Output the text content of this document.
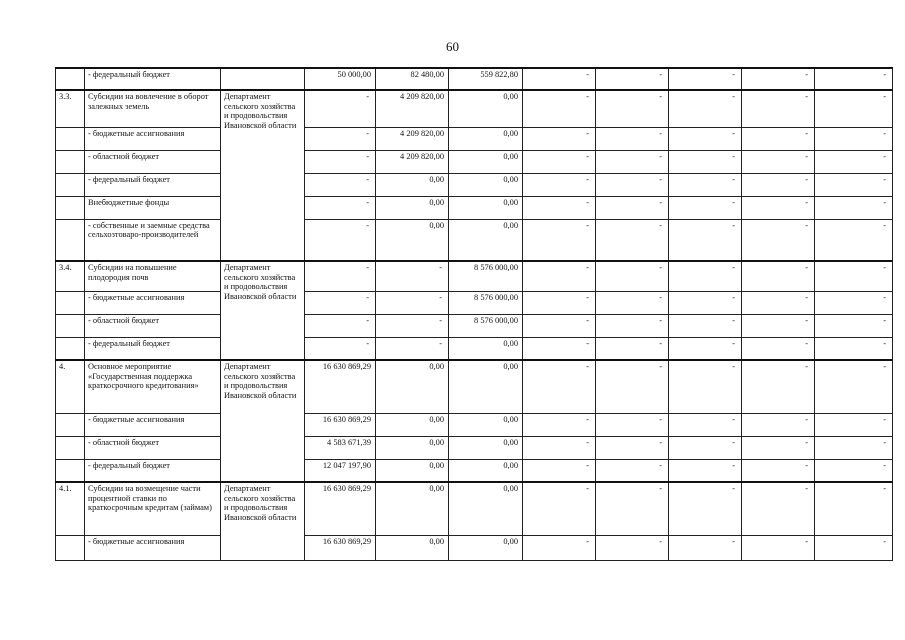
60
	- федеральный бюджет		50 000,00	82 480,00	559 822,80	-	-	-	-	-
3.3.	Субсидии на вовлечение в оборот залежных земель	Департамент сельского хозяйства и продовольствия Ивановской области	-	4 209 820,00	0,00	-	-	-	-	-
	- бюджетные ассигнования		-	4 209 820,00	0,00	-	-	-	-	-
	- областной бюджет		-	4 209 820,00	0,00	-	-	-	-	-
	- федеральный бюджет		-	0,00	0,00	-	-	-	-	-
	Внебюджетные фонды		-	0,00	0,00	-	-	-	-	-
	- собственные и заемные средства сельхозтоваро-производителей		-	0,00	0,00	-	-	-	-	-
3.4.	Субсидии на повышение плодородия почв	Департамент сельского хозяйства и продовольствия Ивановской области	-	-	8 576 000,00	-	-	-	-	-
	- бюджетные ассигнования		-	-	8 576 000,00	-	-	-	-	-
	- областной бюджет		-	-	8 576 000,00	-	-	-	-	-
	- федеральный бюджет		-	-	0,00	-	-	-	-	-
4.	Основное мероприятие «Государственная поддержка краткосрочного кредитования»	Департамент сельского хозяйства и продовольствия Ивановской области	16 630 869,29	0,00	0,00	-	-	-	-	-
	- бюджетные ассигнования		16 630 869,29	0,00	0,00	-	-	-	-	-
	- областной бюджет		4 583 671,39	0,00	0,00	-	-	-	-	-
	- федеральный бюджет		12 047 197,90	0,00	0,00	-	-	-	-	-
4.1.	Субсидии на возмещение части процентной ставки по краткосрочным кредитам (займам)	Департамент сельского хозяйства и продовольствия Ивановской области	16 630 869,29	0,00	0,00	-	-	-	-	-
	- бюджетные ассигнования		16 630 869,29	0,00	0,00	-	-	-	-	-
